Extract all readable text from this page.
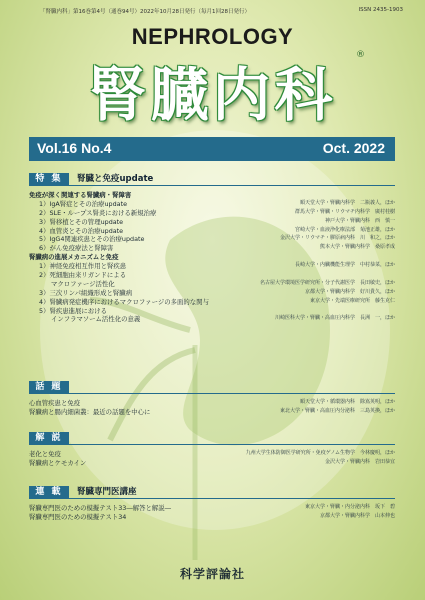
「腎臓内科」第16巻第4号（通巻94号）2022年10月28日発行（毎月1回28日発行）	ISSN 2435-1903
NEPHROLOGY
腎臓内科
®
Vol.16 No.4	Oct. 2022
特 集	腎臓と免疫update
免疫が深く関連する腎臓病・腎障害
1）IgA腎症とその治療update	順天堂大学・腎臓内科学　二瓶義人，ほか
2）SLE・ループス腎炎における新規治療	群馬大学・腎臓・リウマチ内科学　廣村桂樹
3）腎移植とその管理update	神戸大学・腎臓内科　西　慎一
4）血管炎とその治療update	宮崎大学・血液浄化療法部　菊池正雄，ほか
5）IgG4関連疾患とその治療update	金沢大学・リウマチ・膠原病内科　川　和之，ほか
6）がん免疫療法と腎障害	熊本大学・腎臓内科学　桑原孝成
腎臓病の進展メカニズムと免疫
1）神経免疫相互作用と腎疾患	長崎大学・内臓機能生理学　中村恭菜，ほか
2）死細胞由来リガンドによる
マクロファージ活性化	名古屋大学環境医学研究所・分子代謝医学　長田敏史，ほか
3）三次リンパ組織形成と腎臓病	京都大学・腎臓内科学　好川貴久，ほか
4）腎臓病発症機序におけるマクロファージの多面的な関与	東京大学・先端医療研究所　藤生克仁
5）腎疾患進展における
インフラマソーム活性化の意義	川崎医科大学・腎臓・高血圧内科学　長洲　一，ほか
話 題
心血管疾患と免疫	順天堂大学・循環器内科　除嶌英明，ほか
腎臓病と腸内細菌叢：最近の話題を中心に	東北大学・腎臓・高血圧内分泌科　三島英換，ほか
解 説
老化と免疫	九州大学生体防御医学研究所・免疫ゲノム生物学　今林慶明，ほか
腎臓病とケモカイン	金沢大学・腎臓内科　岩田恭宜
連 載	腎臓専門医講座
腎臓専門医のための模擬テスト33―解答と解説―	東京大学・腎臓・内分泌内科　坂下　碧
腎臓専門医のための模擬テスト34	京都大学・腎臓内科学　山本伸也
科学評論社
